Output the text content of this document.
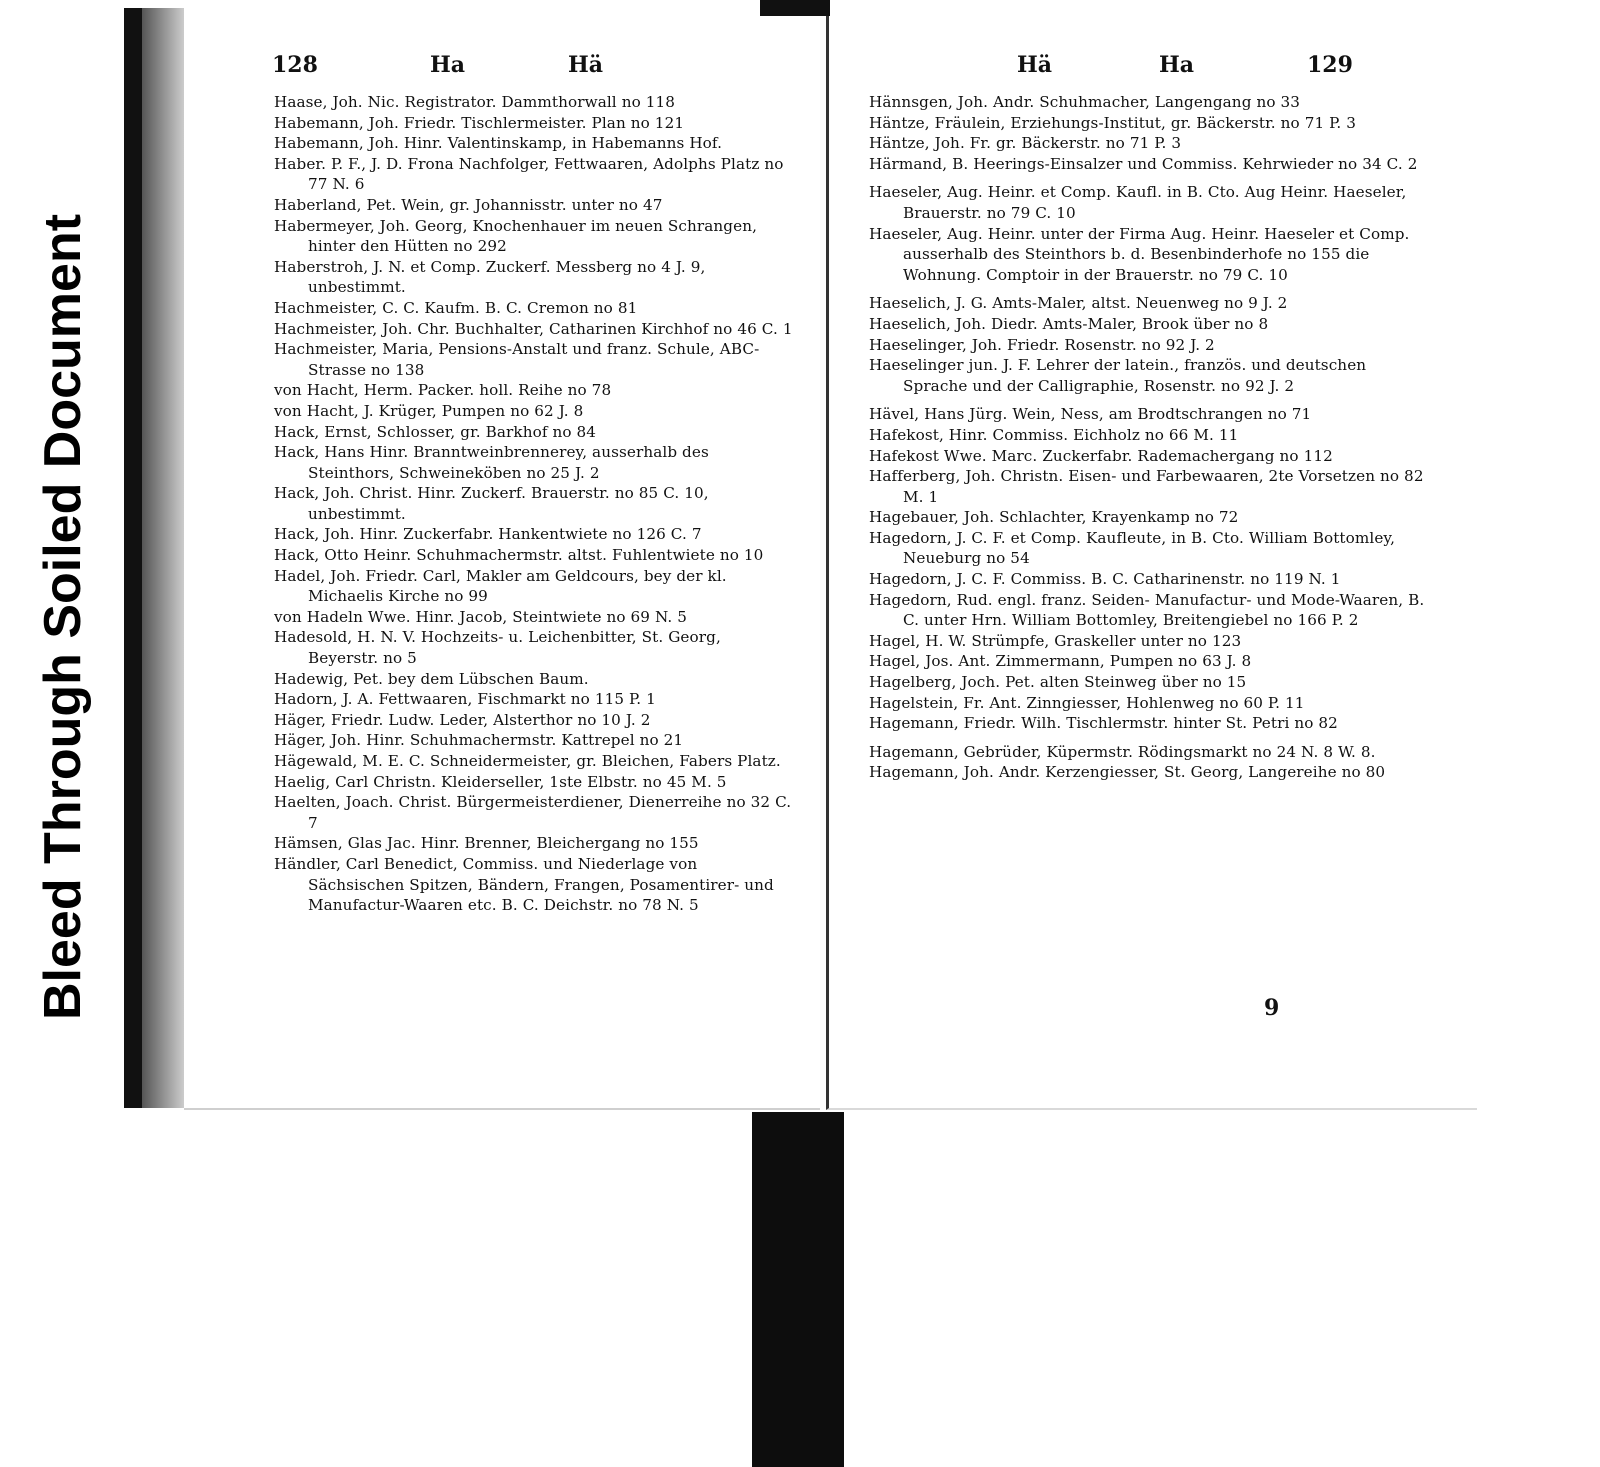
Bleed Through Soiled Document
128	Ha	Hä
Haase, Joh. Nic. Registrator. Dammthorwall no 118
Habemann, Joh. Friedr. Tischlermeister. Plan no 121
Habemann, Joh. Hinr. Valentinskamp, in Habemanns Hof.
Haber. P. F., J. D. Frona Nachfolger, Fettwaaren, Adolphs Platz no 77 N. 6
Haberland, Pet. Wein, gr. Johannisstr. unter no 47
Habermeyer, Joh. Georg, Knochenhauer im neuen Schrangen, hinter den Hütten no 292
Haberstroh, J. N. et Comp. Zuckerf. Messberg no 4 J. 9, unbestimmt.
Hachmeister, C. C. Kaufm. B. C. Cremon no 81
Hachmeister, Joh. Chr. Buchhalter, Catharinen Kirchhof no 46 C. 1
Hachmeister, Maria, Pensions-Anstalt und franz. Schule, ABC-Strasse no 138
von Hacht, Herm. Packer. holl. Reihe no 78
von Hacht, J. Krüger, Pumpen no 62 J. 8
Hack, Ernst, Schlosser, gr. Barkhof no 84
Hack, Hans Hinr. Branntweinbrennerey, ausserhalb des Steinthors, Schweineköben no 25 J. 2
Hack, Joh. Christ. Hinr. Zuckerf. Brauerstr. no 85 C. 10, unbestimmt.
Hack, Joh. Hinr. Zuckerfabr. Hankentwiete no 126 C. 7
Hack, Otto Heinr. Schuhmachermstr. altst. Fuhlentwiete no 10
Hadel, Joh. Friedr. Carl, Makler am Geldcours, bey der kl. Michaelis Kirche no 99
von Hadeln Wwe. Hinr. Jacob, Steintwiete no 69 N. 5
Hadesold, H. N. V. Hochzeits- u. Leichenbitter, St. Georg, Beyerstr. no 5
Hadewig, Pet. bey dem Lübschen Baum.
Hadorn, J. A. Fettwaaren, Fischmarkt no 115 P. 1
Häger, Friedr. Ludw. Leder, Alsterthor no 10 J. 2
Häger, Joh. Hinr. Schuhmachermstr. Kattrepel no 21
Hägewald, M. E. C. Schneidermeister, gr. Bleichen, Fabers Platz.
Haelig, Carl Christn. Kleiderseller, 1ste Elbstr. no 45 M. 5
Haelten, Joach. Christ. Bürgermeisterdiener, Dienerreihe no 32 C. 7
Hämsen, Glas Jac. Hinr. Brenner, Bleichergang no 155
Händler, Carl Benedict, Commiss. und Niederlage von Sächsischen Spitzen, Bändern, Frangen, Posamentirer- und Manufactur-Waaren etc. B. C. Deichstr. no 78 N. 5
Hä	Ha	129
Hännsgen, Joh. Andr. Schuhmacher, Langengang no 33
Häntze, Fräulein, Erziehungs-Institut, gr. Bäckerstr. no 71 P. 3
Häntze, Joh. Fr. gr. Bäckerstr. no 71 P. 3
Härmand, B. Heerings-Einsalzer und Commiss. Kehrwieder no 34 C. 2
Haeseler, Aug. Heinr. et Comp. Kaufl. in B. Cto. Aug Heinr. Haeseler, Brauerstr. no 79 C. 10
Haeseler, Aug. Heinr. unter der Firma Aug. Heinr. Haeseler et Comp. ausserhalb des Steinthors b. d. Besenbinderhofe no 155 die Wohnung. Comptoir in der Brauerstr. no 79 C. 10
Haeselich, J. G. Amts-Maler, altst. Neuenweg no 9 J. 2
Haeselich, Joh. Diedr. Amts-Maler, Brook über no 8
Haeselinger, Joh. Friedr. Rosenstr. no 92 J. 2
Haeselinger jun. J. F. Lehrer der latein., französ. und deutschen Sprache und der Calligraphie, Rosenstr. no 92 J. 2
Hävel, Hans Jürg. Wein, Ness, am Brodtschrangen no 71
Hafekost, Hinr. Commiss. Eichholz no 66 M. 11
Hafekost Wwe. Marc. Zuckerfabr. Rademachergang no 112
Hafferberg, Joh. Christn. Eisen- und Farbewaaren, 2te Vorsetzen no 82 M. 1
Hagebauer, Joh. Schlachter, Krayenkamp no 72
Hagedorn, J. C. F. et Comp. Kaufleute, in B. Cto. William Bottomley, Neueburg no 54
Hagedorn, J. C. F. Commiss. B. C. Catharinenstr. no 119 N. 1
Hagedorn, Rud. engl. franz. Seiden- Manufactur- und Mode-Waaren, B. C. unter Hrn. William Bottomley, Breitengiebel no 166 P. 2
Hagel, H. W. Strümpfe, Graskeller unter no 123
Hagel, Jos. Ant. Zimmermann, Pumpen no 63 J. 8
Hagelberg, Joch. Pet. alten Steinweg über no 15
Hagelstein, Fr. Ant. Zinngiesser, Hohlenweg no 60 P. 11
Hagemann, Friedr. Wilh. Tischlermstr. hinter St. Petri no 82
Hagemann, Gebrüder, Küpermstr. Rödingsmarkt no 24 N. 8 W. 8.
Hagemann, Joh. Andr. Kerzengiesser, St. Georg, Langereihe no 80
9
